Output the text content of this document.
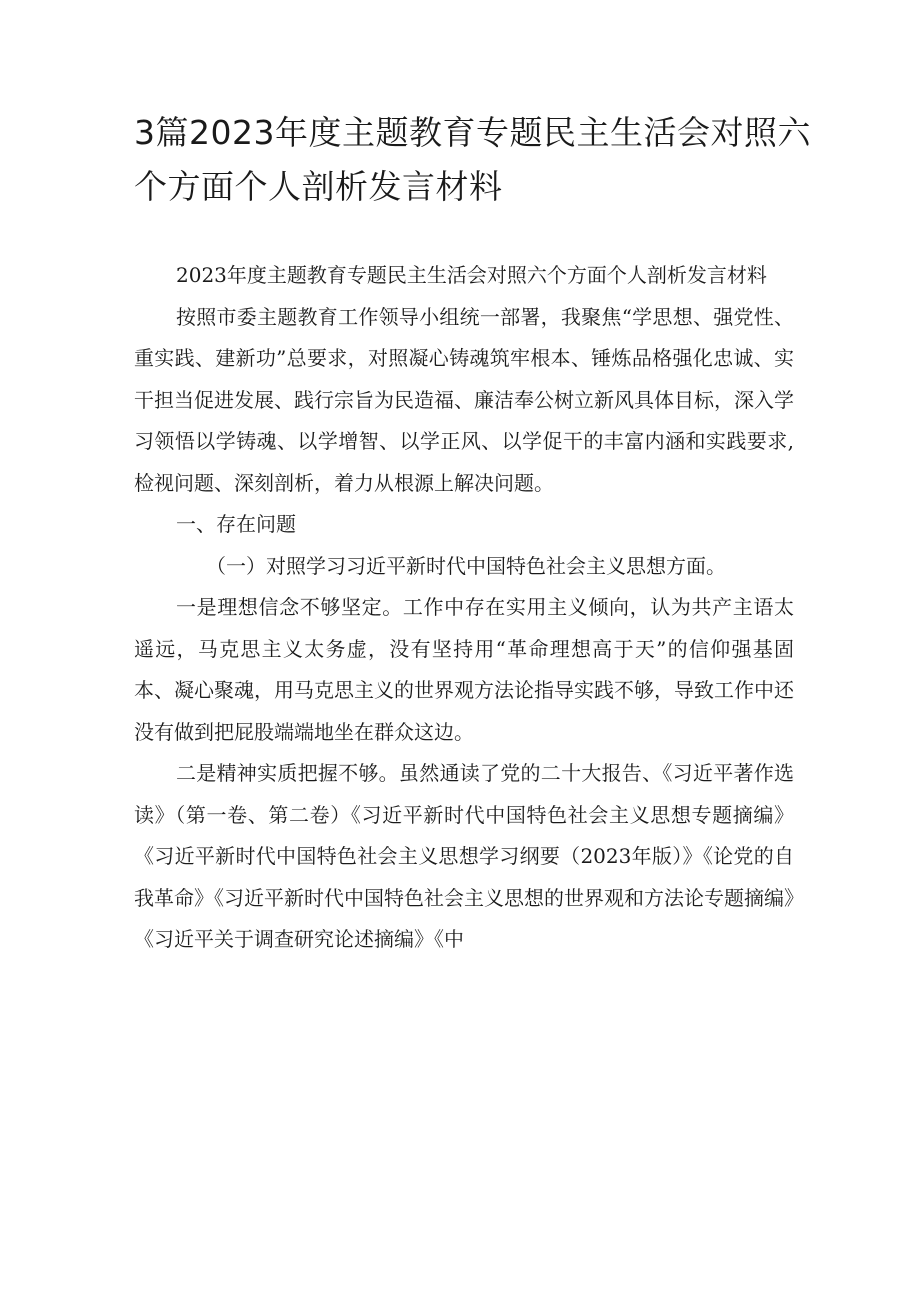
3篇2023年度主题教育专题民主生活会对照六个方面个人剖析发言材料

2023年度主题教育专题民主生活会对照六个方面个人剖析发言材料

按照市委主题教育工作领导小组统一部署，我聚焦“学思想、强党性、重实践、建新功”总要求，对照凝心铸魂筑牢根本、锤炼品格强化忠诚、实干担当促进发展、践行宗旨为民造福、廉洁奉公树立新风具体目标，深入学习领悟以学铸魂、以学增智、以学正风、以学促干的丰富内涵和实践要求,检视问题、深刻剖析，着力从根源上解决问题。

一、存在问题

（一）对照学习习近平新时代中国特色社会主义思想方面。

一是理想信念不够坚定。工作中存在实用主义倾向，认为共产主语太遥远，马克思主义太务虚，没有坚持用“革命理想高于天”的信仰强基固本、凝心聚魂，用马克思主义的世界观方法论指导实践不够，导致工作中还没有做到把屁股端端地坐在群众这边。

二是精神实质把握不够。虽然通读了党的二十大报告、《习近平著作选读》（第一卷、第二卷）《习近平新时代中国特色社会主义思想专题摘编》《习近平新时代中国特色社会主义思想学习纲要（2023年版）》《论党的自我革命》《习近平新时代中国特色社会主义思想的世界观和方法论专题摘编》《习近平关于调查研究论述摘编》《中
